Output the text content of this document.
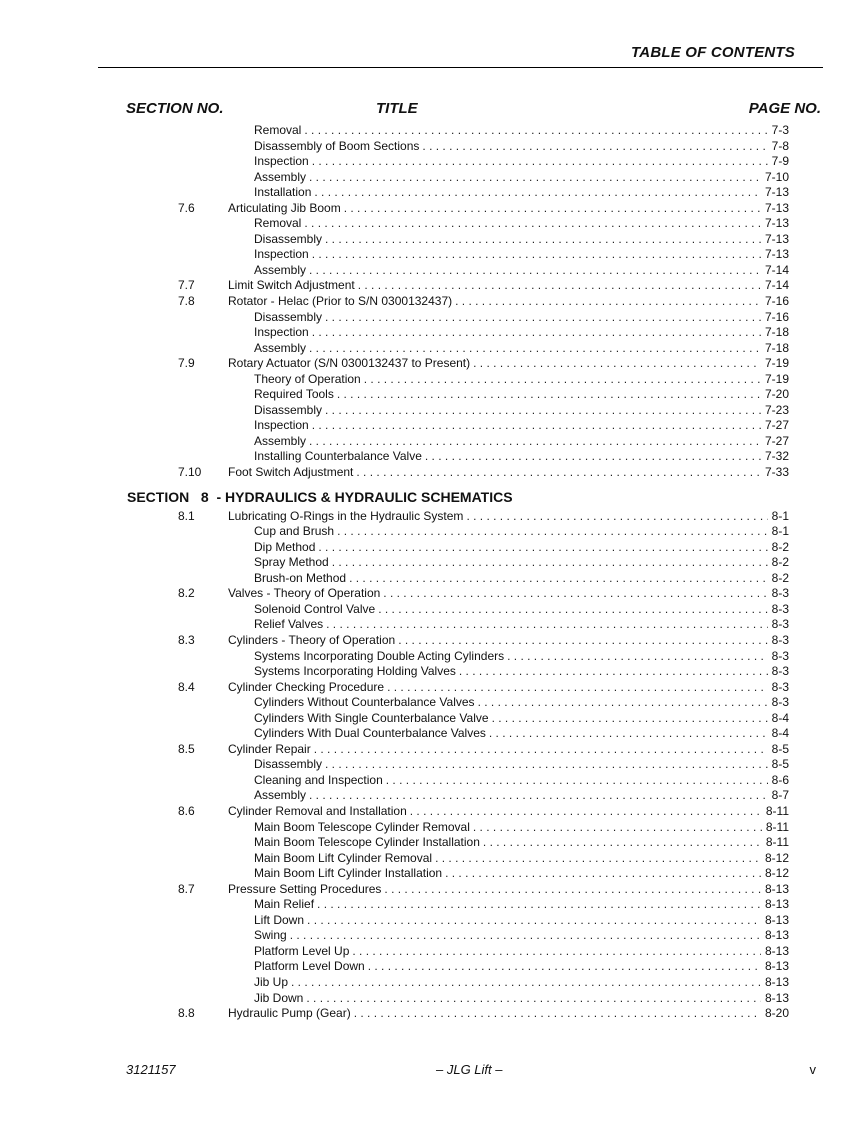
TABLE OF CONTENTS
SECTION NO.	TITLE	PAGE NO.
Removal . . .	7-3
Disassembly of Boom Sections . . .	7-8
Inspection . . .	7-9
Assembly . . .	7-10
Installation . . .	7-13
7.6	Articulating Jib Boom . . .	7-13
Removal . . .	7-13
Disassembly . . .	7-13
Inspection . . .	7-13
Assembly . . .	7-14
7.7	Limit Switch Adjustment . . .	7-14
7.8	Rotator - Helac (Prior to S/N 0300132437) . . .	7-16
Disassembly . . .	7-16
Inspection . . .	7-18
Assembly . . .	7-18
7.9	Rotary Actuator (S/N 0300132437 to Present) . . .	7-19
Theory of Operation . . .	7-19
Required Tools . . .	7-20
Disassembly . . .	7-23
Inspection . . .	7-27
Assembly . . .	7-27
Installing Counterbalance Valve . . .	7-32
7.10 Foot Switch Adjustment . . .	7-33
SECTION   8  - HYDRAULICS & HYDRAULIC SCHEMATICS
8.1	Lubricating O-Rings in the Hydraulic System . . .	8-1
Cup and Brush . . .	8-1
Dip Method . . .	8-2
Spray Method . . .	8-2
Brush-on Method . . .	8-2
8.2	Valves - Theory of Operation . . .	8-3
Solenoid Control Valve . . .	8-3
Relief Valves . . .	8-3
8.3	Cylinders - Theory of Operation . . .	8-3
Systems Incorporating Double Acting Cylinders . . .	8-3
Systems Incorporating Holding Valves . . .	8-3
8.4	Cylinder Checking Procedure . . .	8-3
Cylinders Without Counterbalance Valves . . .	8-3
Cylinders With Single Counterbalance Valve . . .	8-4
Cylinders With Dual Counterbalance Valves . . .	8-4
8.5	Cylinder Repair . . .	8-5
Disassembly . . .	8-5
Cleaning and Inspection . . .	8-6
Assembly . . .	8-7
8.6	Cylinder Removal and Installation . . .	8-11
Main Boom Telescope Cylinder Removal . . .	8-11
Main Boom Telescope Cylinder Installation . . .	8-11
Main Boom Lift Cylinder Removal . . .	8-12
Main Boom Lift Cylinder Installation . . .	8-12
8.7	Pressure Setting Procedures . . .	8-13
Main Relief . . .	8-13
Lift Down . . .	8-13
Swing . . .	8-13
Platform Level Up . . .	8-13
Platform Level Down . . .	8-13
Jib Up . . .	8-13
Jib Down . . .	8-13
8.8	Hydraulic Pump (Gear) . . .	8-20
3121157	– JLG Lift –	v
